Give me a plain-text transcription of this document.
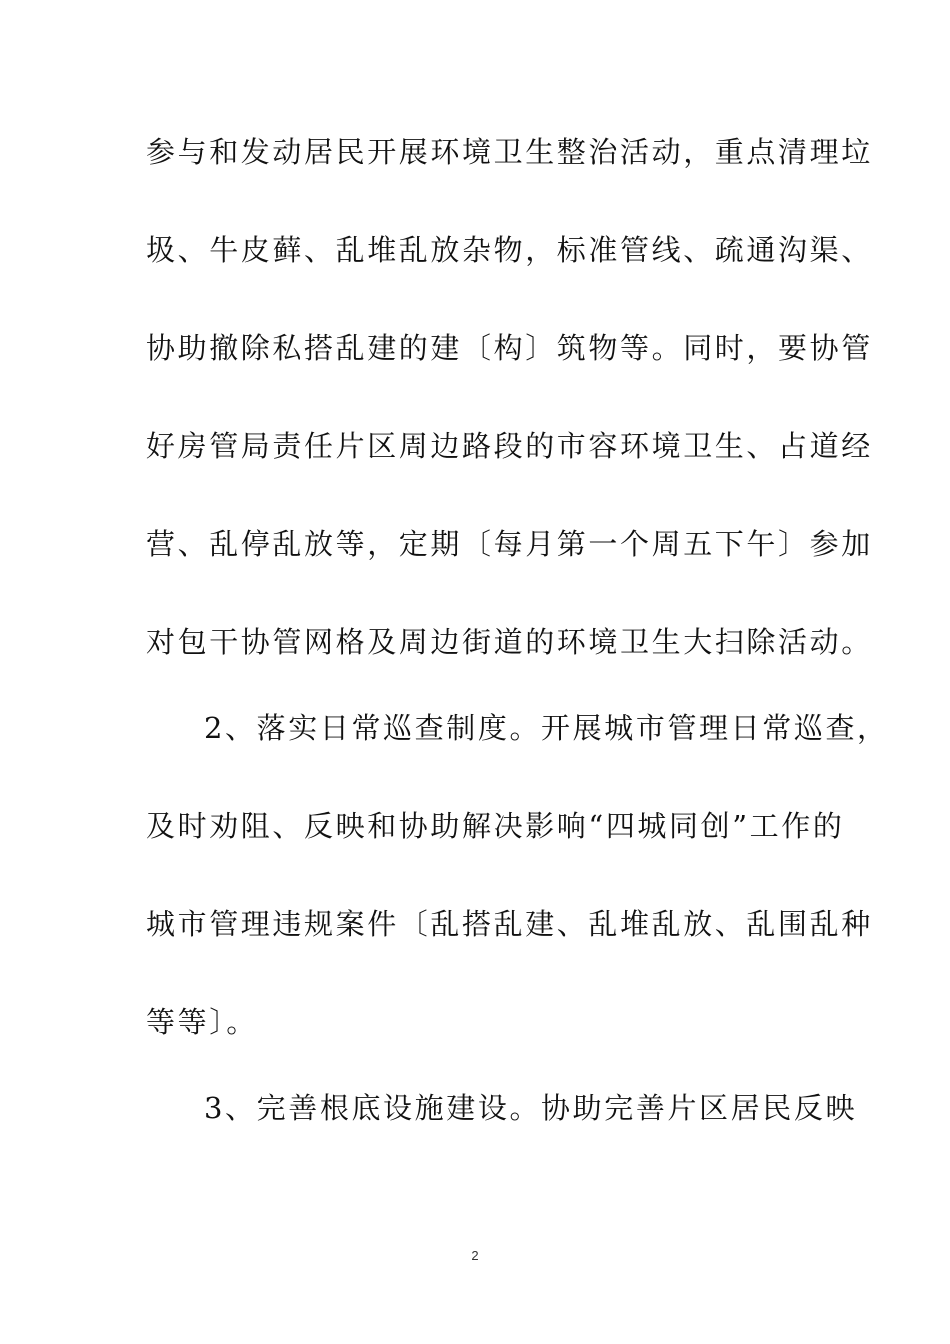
参与和发动居民开展环境卫生整治活动，重点清理垃
圾、牛皮藓、乱堆乱放杂物，标准管线、疏通沟渠、
协助撤除私搭乱建的建〔构〕筑物等。同时，要协管
好房管局责任片区周边路段的市容环境卫生、占道经
营、乱停乱放等，定期〔每月第一个周五下午〕参加
对包干协管网格及周边街道的环境卫生大扫除活动。
2、落实日常巡查制度。开展城市管理日常巡查，
及时劝阻、反映和协助解决影响“四城同创”工作的
城市管理违规案件〔乱搭乱建、乱堆乱放、乱围乱种
等等〕。
3、完善根底设施建设。协助完善片区居民反映
2
